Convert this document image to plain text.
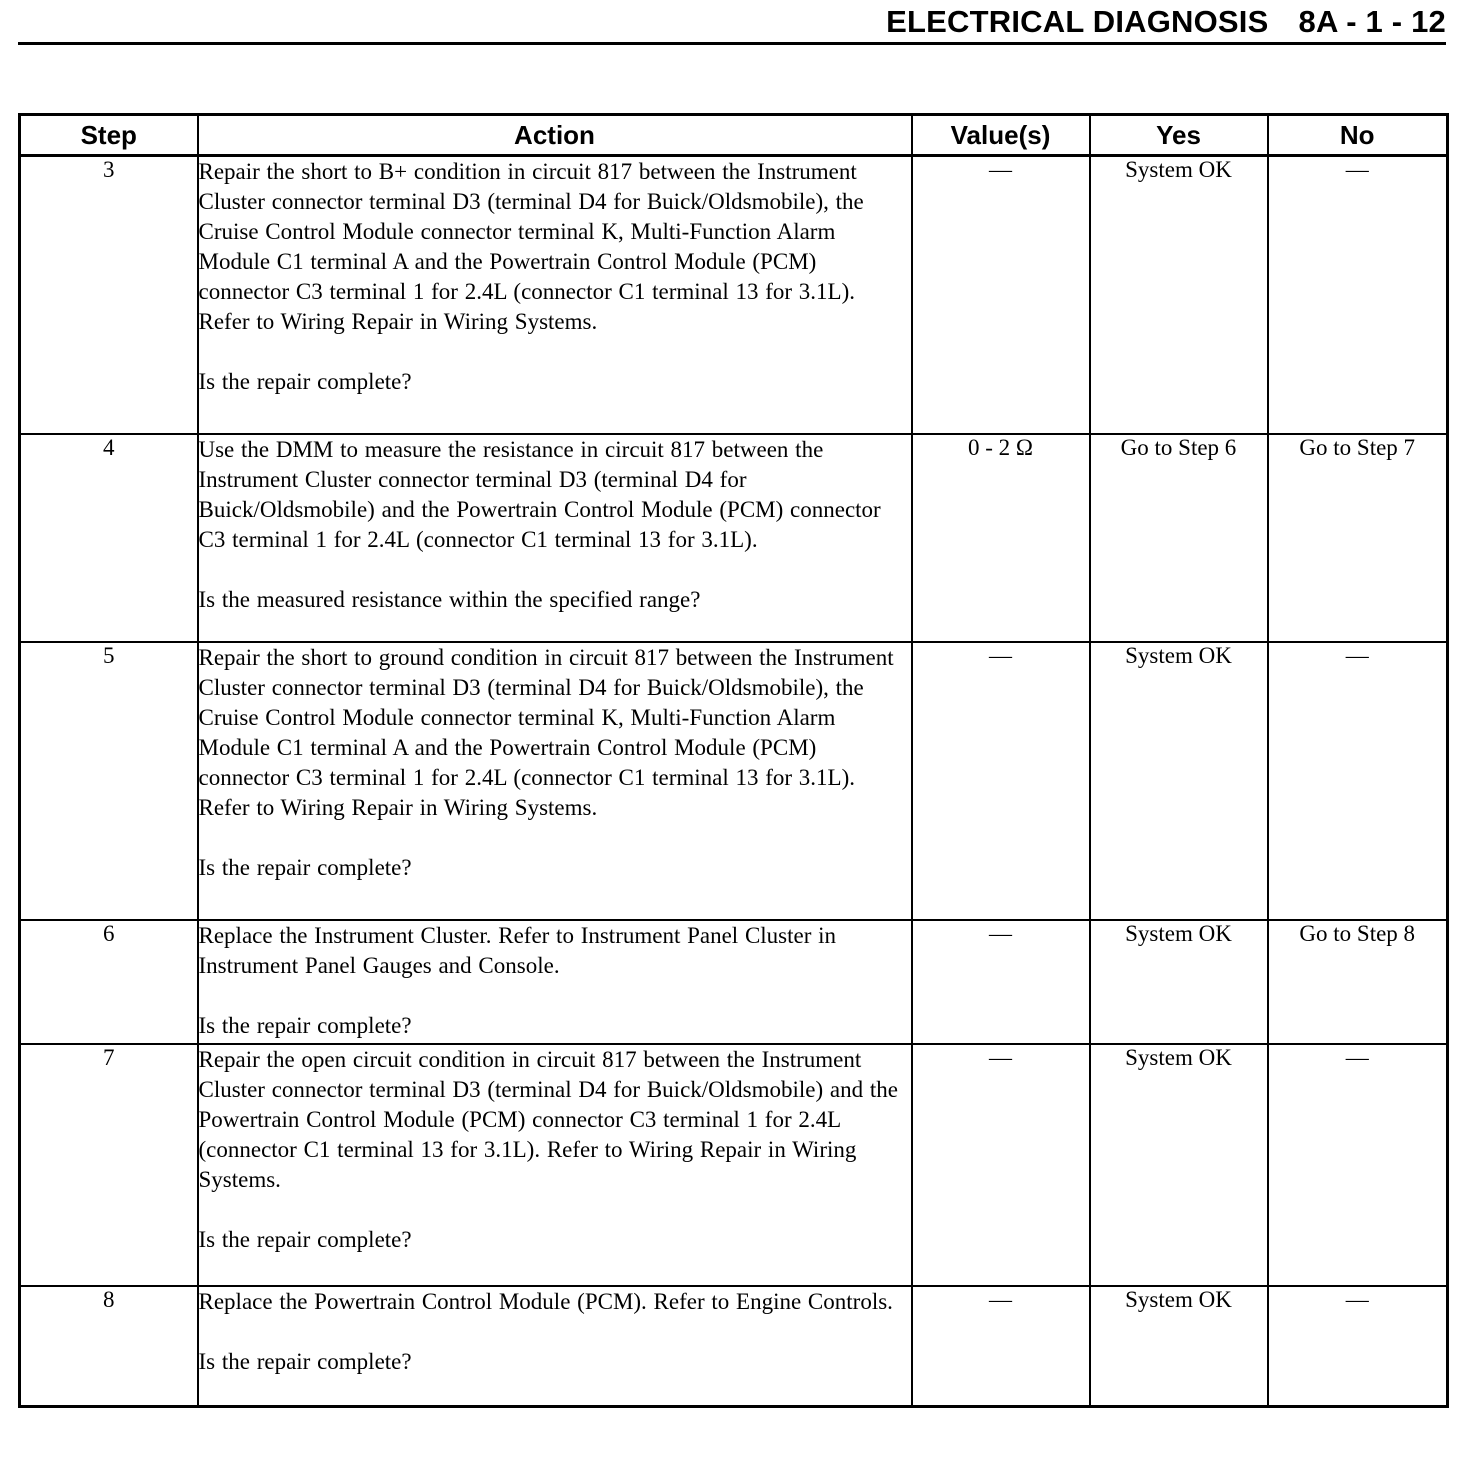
ELECTRICAL DIAGNOSIS 8A - 1 - 12
Step	Action	Value(s)	Yes	No
3	Repair the short to B+ condition in circuit 817 between the Instrument Cluster connector terminal D3 (terminal D4 for Buick/Oldsmobile), the Cruise Control Module connector terminal K, Multi-Function Alarm Module C1 terminal A and the Powertrain Control Module (PCM) connector C3 terminal 1 for 2.4L (connector C1 terminal 13 for 3.1L). Refer to Wiring Repair in Wiring Systems.
Is the repair complete?	—	System OK	—
4	Use the DMM to measure the resistance in circuit 817 between the Instrument Cluster connector terminal D3 (terminal D4 for Buick/Oldsmobile) and the Powertrain Control Module (PCM) connector C3 terminal 1 for 2.4L (connector C1 terminal 13 for 3.1L).
Is the measured resistance within the specified range?	0 - 2 Ω	Go to Step 6	Go to Step 7
5	Repair the short to ground condition in circuit 817 between the Instrument Cluster connector terminal D3 (terminal D4 for Buick/Oldsmobile), the Cruise Control Module connector terminal K, Multi-Function Alarm Module C1 terminal A and the Powertrain Control Module (PCM) connector C3 terminal 1 for 2.4L (connector C1 terminal 13 for 3.1L). Refer to Wiring Repair in Wiring Systems.
Is the repair complete?	—	System OK	—
6	Replace the Instrument Cluster. Refer to Instrument Panel Cluster in Instrument Panel Gauges and Console.
Is the repair complete?	—	System OK	Go to Step 8
7	Repair the open circuit condition in circuit 817 between the Instrument Cluster connector terminal D3 (terminal D4 for Buick/Oldsmobile) and the Powertrain Control Module (PCM) connector C3 terminal 1 for 2.4L (connector C1 terminal 13 for 3.1L). Refer to Wiring Repair in Wiring Systems.
Is the repair complete?	—	System OK	—
8	Replace the Powertrain Control Module (PCM). Refer to Engine Controls.
Is the repair complete?	—	System OK	—
